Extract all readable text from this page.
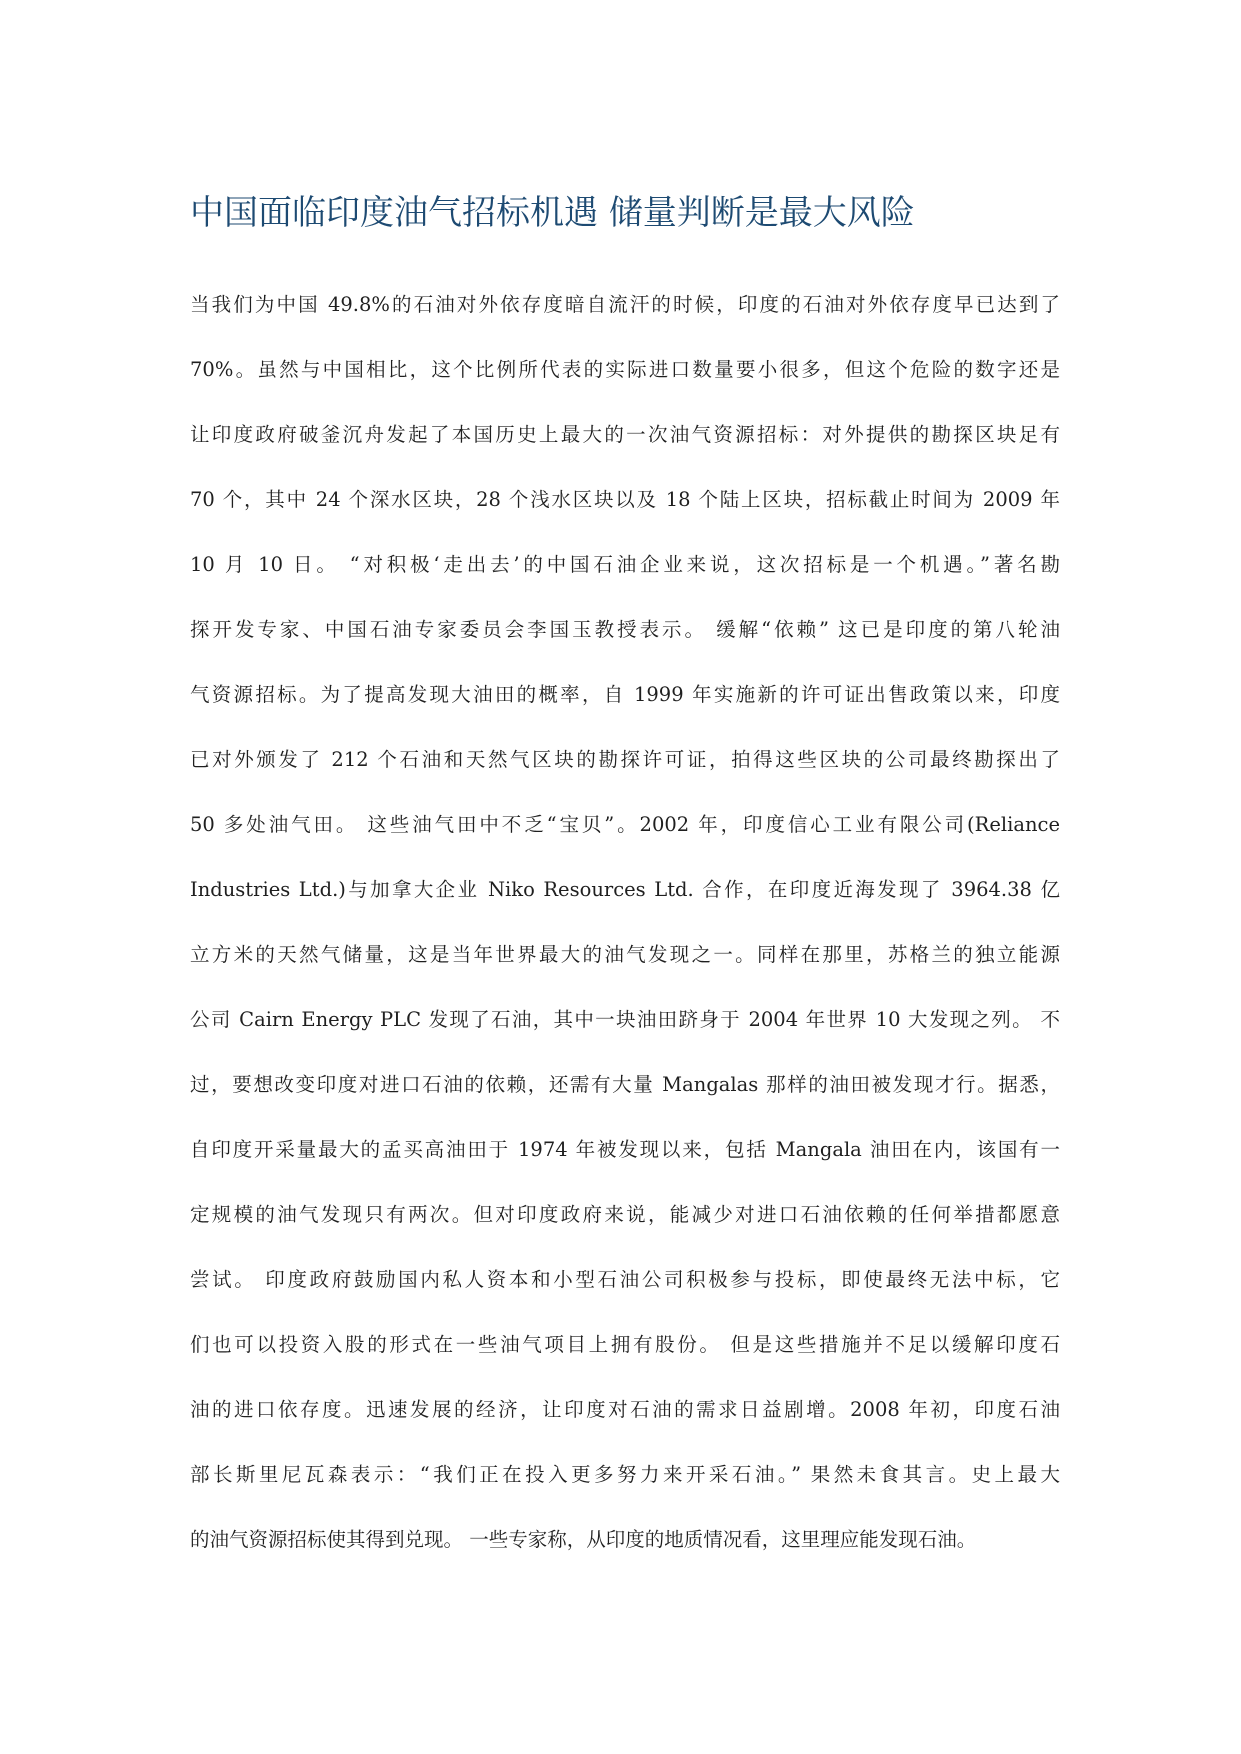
中国面临印度油气招标机遇 储量判断是最大风险
当我们为中国 49.8%的石油对外依存度暗自流汗的时候，印度的石油对外依存度早已达到了
70%。虽然与中国相比，这个比例所代表的实际进口数量要小很多，但这个危险的数字还是
让印度政府破釜沉舟发起了本国历史上最大的一次油气资源招标：对外提供的勘探区块足有
70 个，其中 24 个深水区块，28 个浅水区块以及 18 个陆上区块，招标截止时间为 2009 年
10 月 10 日。 “对积极‘走出去’的中国石油企业来说，这次招标是一个机遇。”著名勘
探开发专家、中国石油专家委员会李国玉教授表示。 缓解“依赖” 这已是印度的第八轮油
气资源招标。为了提高发现大油田的概率，自 1999 年实施新的许可证出售政策以来，印度
已对外颁发了 212 个石油和天然气区块的勘探许可证，拍得这些区块的公司最终勘探出了
50 多处油气田。 这些油气田中不乏“宝贝”。2002 年，印度信心工业有限公司(Reliance
Industries Ltd.)与加拿大企业 Niko Resources Ltd. 合作，在印度近海发现了 3964.38 亿
立方米的天然气储量，这是当年世界最大的油气发现之一。同样在那里，苏格兰的独立能源
公司 Cairn Energy PLC 发现了石油，其中一块油田跻身于 2004 年世界 10 大发现之列。 不
过，要想改变印度对进口石油的依赖，还需有大量 Mangalas 那样的油田被发现才行。据悉，
自印度开采量最大的孟买高油田于 1974 年被发现以来，包括 Mangala 油田在内，该国有一
定规模的油气发现只有两次。但对印度政府来说，能减少对进口石油依赖的任何举措都愿意
尝试。 印度政府鼓励国内私人资本和小型石油公司积极参与投标，即使最终无法中标，它
们也可以投资入股的形式在一些油气项目上拥有股份。 但是这些措施并不足以缓解印度石
油的进口依存度。迅速发展的经济，让印度对石油的需求日益剧增。2008 年初，印度石油
部长斯里尼瓦森表示：“我们正在投入更多努力来开采石油。” 果然未食其言。史上最大
的油气资源招标使其得到兑现。 一些专家称，从印度的地质情况看，这里理应能发现石油。
